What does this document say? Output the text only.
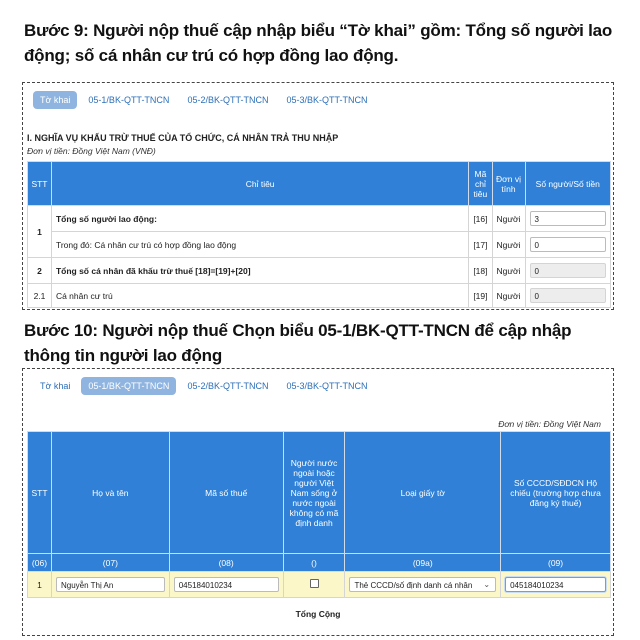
Bước 9: Người nộp thuế cập nhập biểu “Tờ khai” gồm: Tổng số người lao động; số cá nhân cư trú có hợp đồng lao động.
Tờ khai	05-1/BK-QTT-TNCN	05-2/BK-QTT-TNCN	05-3/BK-QTT-TNCN
I. NGHĨA VỤ KHẤU TRỪ THUẾ CỦA TỔ CHỨC, CÁ NHÂN TRẢ THU NHẬP
Đơn vị tiền: Đồng Việt Nam (VNĐ)
STT	Chỉ tiêu	Mã chỉ tiêu	Đơn vị tính	Số người/Số tiền
1	Tổng số người lao động:	[16]	Người	3
	Trong đó: Cá nhân cư trú có hợp đồng lao động	[17]	Người	0
2	Tổng số cá nhân đã khấu trừ thuế [18]=[19]+[20]	[18]	Người	0
2.1	Cá nhân cư trú	[19]	Người	0
Bước 10: Người nộp thuế Chọn biểu 05-1/BK-QTT-TNCN để cập nhập thông tin người lao động
Tờ khai	05-1/BK-QTT-TNCN	05-2/BK-QTT-TNCN	05-3/BK-QTT-TNCN
Đơn vị tiền: Đồng Việt Nam
STT	Họ và tên	Mã số thuế	Người nước ngoài hoặc người Việt Nam sống ở nước ngoài không có mã định danh	Loại giấy tờ	Số CCCD/SĐDCN Hộ chiếu (trường hợp chưa đăng ký thuế)
(06)	(07)	(08)	()	(09a)	(09)
1	Nguyễn Thị An	045184010234		Thẻ CCCD/số định danh cá nhân ⌄	045184010234
Tổng Cộng
